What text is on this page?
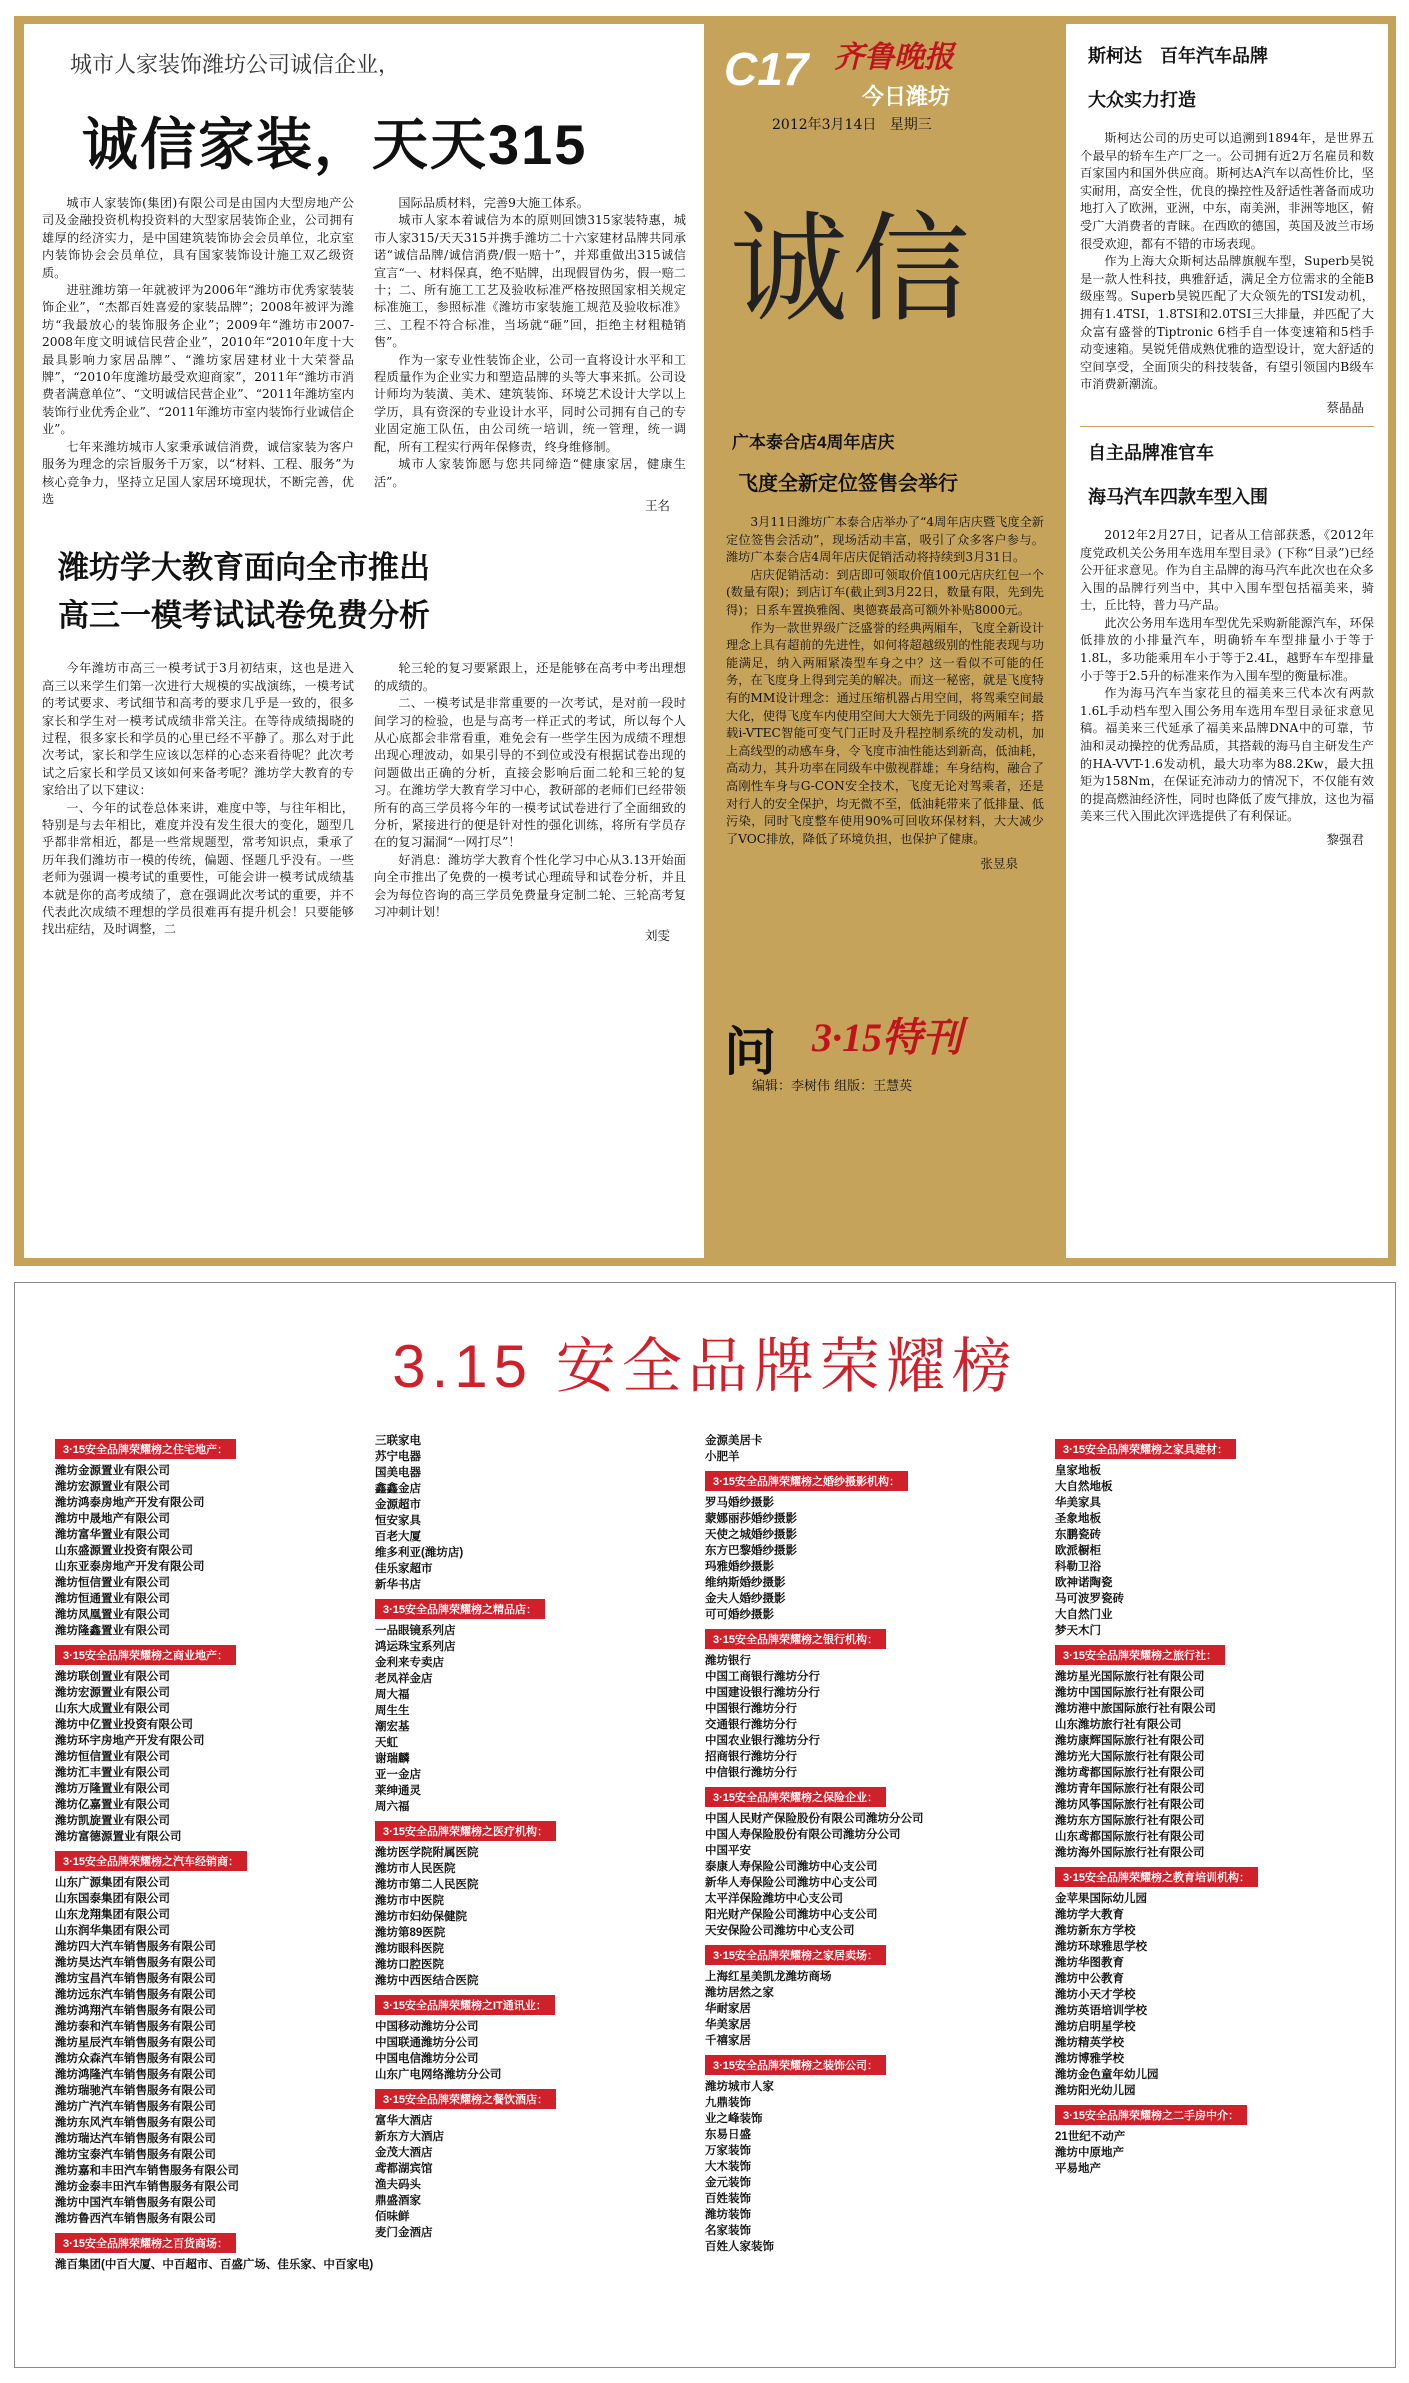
城市人家装饰潍坊公司诚信企业，
诚信家装，天天315

城市人家装饰(集团)有限公司是由国内大型房地产公司及金融投资机构投资料的大型家居装饰企业，公司拥有雄厚的经济实力，是中国建筑装饰协会会员单位，北京室内装饰协会会员单位，具有国家装饰设计施工双乙级资质。

进驻潍坊第一年就被评为2006年“潍坊市优秀家装装饰企业”，“杰都百姓喜爱的家装品牌”；2008年被评为潍坊“我最放心的装饰服务企业”；2009年“潍坊市2007-2008年度文明诚信民营企业”，2010年“2010年度十大最具影响力家居品牌”、“潍坊家居建材业十大荣誉品牌”，“2010年度潍坊最受欢迎商家”，2011年“潍坊市消费者满意单位”、“文明诚信民营企业”、“2011年潍坊室内装饰行业优秀企业”、“2011年潍坊市室内装饰行业诚信企业”。

七年来潍坊城市人家秉承诚信消费，诚信家装为客户服务为理念的宗旨服务千万家，以“材料、工程、服务”为核心竞争力，坚持立足国人家居环境现状，不断完善，优选

国际品质材料，完善9大施工体系。

城市人家本着诚信为本的原则回馈315家装特惠，城市人家315/天天315并携手潍坊二十六家建材品牌共同承诺“诚信品牌/诚信消费/假一赔十”，并郑重做出315诚信宣言“一、材料保真，绝不贴牌，出现假冒伪劣，假一赔二十；二、所有施工工艺及验收标准严格按照国家相关规定标准施工，参照标准《潍坊市家装施工规范及验收标准》三、工程不符合标准，当场就“砸”回，拒绝主材粗糙销售”。

作为一家专业性装饰企业，公司一直将设计水平和工程质量作为企业实力和塑造品牌的头等大事来抓。公司设计师均为装潢、美术、建筑装饰、环境艺术设计大学以上学历，具有资深的专业设计水平，同时公司拥有自己的专业固定施工队伍，由公司统一培训，统一管理，统一调配，所有工程实行两年保修责，终身维修制。

城市人家装饰愿与您共同缔造“健康家居，健康生活”。

王名
潍坊学大教育面向全市推出
高三一模考试试卷免费分析

今年潍坊市高三一模考试于3月初结束，这也是进入高三以来学生们第一次进行大规模的实战演练，一模考试的考试要求、考试细节和高考的要求几乎是一致的，很多家长和学生对一模考试成绩非常关注。在等待成绩揭晓的过程，很多家长和学员的心里已经不平静了。那么对于此次考试，家长和学生应该以怎样的心态来看待呢？此次考试之后家长和学员又该如何来备考呢？潍坊学大教育的专家给出了以下建议：

一、今年的试卷总体来讲，难度中等，与往年相比，特别是与去年相比，难度并没有发生很大的变化，题型几乎都非常相近，都是一些常规题型，常考知识点，秉承了历年我们潍坊市一模的传统，偏题、怪题几乎没有。一些老师为强调一模考试的重要性，可能会讲一模考试成绩基本就是你的高考成绩了，意在强调此次考试的重要，并不代表此次成绩不理想的学员很难再有提升机会！只要能够找出症结，及时调整，二

轮三轮的复习要紧跟上，还是能够在高考中考出理想的成绩的。

二、一模考试是非常重要的一次考试，是对前一段时间学习的检验，也是与高考一样正式的考试，所以每个人从心底都会非常看重，难免会有一些学生因为成绩不理想出现心理波动，如果引导的不到位或没有根据试卷出现的问题做出正确的分析，直接会影响后面二轮和三轮的复习。在潍坊学大教育学习中心，教研部的老师们已经带领所有的高三学员将今年的一模考试试卷进行了全面细致的分析，紧接进行的便是针对性的强化训练，将所有学员存在的复习漏洞“一网打尽”！

好消息：潍坊学大教育个性化学习中心从3.13开始面向全市推出了免费的一模考试心理疏导和试卷分析，并且会为每位咨询的高三学员免费量身定制二轮、三轮高考复习冲刺计划！

刘雯
C17 齐鲁晚报
今日潍坊
2012年3月14日 星期三
诚信
广本泰合店4周年店庆
飞度全新定位签售会举行

3月11日潍坊广本泰合店举办了“4周年店庆暨飞度全新定位签售会活动”，现场活动丰富，吸引了众多客户参与。潍坊广本泰合店4周年店庆促销活动将持续到3月31日。

店庆促销活动：到店即可领取价值100元店庆红包一个(数量有限)；到店订车(截止到3月22日，数量有限，先到先得)；日系车置换雅阁、奥德赛最高可额外补贴8000元。

作为一款世界级广泛盛誉的经典两厢车，飞度全新设计理念上具有超前的先进性，如何将超越级别的性能表现与功能满足，纳入两厢紧凑型车身之中？这一看似不可能的任务，在飞度身上得到完美的解决。而这一秘密，就是飞度特有的MM设计理念：通过压缩机器占用空间，将驾乘空间最大化，使得飞度车内使用空间大大领先于同级的两厢车；搭载i-VTEC智能可变气门正时及升程控制系统的发动机，加上高线型的动感车身，令飞度市油性能达到新高，低油耗，高动力，其升功率在同级车中傲视群雄；车身结构，融合了高刚性车身与G-CON安全技术，飞度无论对驾乘者，还是对行人的安全保护，均无微不至，低油耗带来了低排量、低污染，同时飞度整车使用90%可回收环保材料，大大减少了VOC排放，降低了环境负担，也保护了健康。

张昱泉
问 3·15特刊
编辑：李树伟 组版：王慧英
斯柯达　百年汽车品牌
大众实力打造

斯柯达公司的历史可以追溯到1894年，是世界五个最早的轿车生产厂之一。公司拥有近2万名雇员和数百家国内和国外供应商。斯柯达A汽车以高性价比，坚实耐用，高安全性，优良的操控性及舒适性著备而成功地打入了欧洲，亚洲，中东，南美洲，非洲等地区，俯受广大消费者的青睐。在西欧的德国，英国及波兰市场很受欢迎，都有不错的市场表现。

作为上海大众斯柯达品牌旗舰车型，Superb昊锐是一款人性科技，典雅舒适，满足全方位需求的全能B级座驾。Superb昊锐匹配了大众领先的TSI发动机，拥有1.4TSI，1.8TSI和2.0TSI三大排量，并匹配了大众富有盛誉的Tiptronic 6档手自一体变速箱和5档手动变速箱。昊锐凭借成熟优雅的造型设计，宽大舒适的空间享受，全面顶尖的科技装备，有望引领国内B级车市消费新潮流。

蔡晶晶
自主品牌准官车
海马汽车四款车型入围

2012年2月27日，记者从工信部获悉，《2012年度党政机关公务用车选用车型目录》(下称“目录”)已经公开征求意见。作为自主品牌的海马汽车此次也在众多入围的品牌行列当中，其中入围车型包括福美来，骑士，丘比特，普力马产品。

此次公务用车选用车型优先采购新能源汽车，环保低排放的小排量汽车，明确轿车车型排量小于等于1.8L，多功能乘用车小于等于2.4L，越野车车型排量小于等于2.5升的标准来作为入围车型的衡量标准。

作为海马汽车当家花旦的福美来三代本次有两款1.6L手动档车型入围公务用车选用车型目录征求意见稿。福美来三代延承了福美来品牌DNA中的可靠，节油和灵动操控的优秀品质，其搭载的海马自主研发生产的HA-VVT-1.6发动机，最大功率为88.2Kw，最大扭矩为158Nm，在保证充沛动力的情况下，不仅能有效的提高燃油经济性，同时也降低了废气排放，这也为福美来三代入围此次评选提供了有利保证。

黎强君
3.15 安全品牌荣耀榜
3·15安全品牌荣耀榜之住宅地产：
潍坊金源置业有限公司
潍坊宏源置业有限公司
潍坊鸿泰房地产开发有限公司
潍坊中晟地产有限公司
潍坊富华置业有限公司
山东盛源置业投资有限公司
山东亚泰房地产开发有限公司
潍坊恒信置业有限公司
潍坊恒通置业有限公司
潍坊凤凰置业有限公司
潍坊隆鑫置业有限公司
3·15安全品牌荣耀榜之商业地产：
潍坊联创置业有限公司
潍坊宏源置业有限公司
山东大成置业有限公司
潍坊中亿置业投资有限公司
潍坊环宇房地产开发有限公司
潍坊恒信置业有限公司
潍坊汇丰置业有限公司
潍坊万隆置业有限公司
潍坊亿嘉置业有限公司
潍坊凯旋置业有限公司
潍坊富德源置业有限公司
3·15安全品牌荣耀榜之汽车经销商：
山东广源集团有限公司
山东国泰集团有限公司
山东龙翔集团有限公司
山东润华集团有限公司
潍坊四大汽车销售服务有限公司
潍坊昊达汽车销售服务有限公司
潍坊宝昌汽车销售服务有限公司
潍坊远东汽车销售服务有限公司
潍坊鸿翔汽车销售服务有限公司
潍坊泰和汽车销售服务有限公司
潍坊星辰汽车销售服务有限公司
潍坊众森汽车销售服务有限公司
潍坊鸿隆汽车销售服务有限公司
潍坊瑞驰汽车销售服务有限公司
潍坊广汽汽车销售服务有限公司
潍坊东风汽车销售服务有限公司
潍坊瑞达汽车销售服务有限公司
潍坊宝泰汽车销售服务有限公司
潍坊嘉和丰田汽车销售服务有限公司
潍坊金泰丰田汽车销售服务有限公司
潍坊中国汽车销售服务有限公司
潍坊鲁西汽车销售服务有限公司
3·15安全品牌荣耀榜之百货商场：
潍百集团(中百大厦、中百超市、百盛广场、佳乐家、中百家电)
三联家电
苏宁电器
国美电器
鑫鑫金店
金源超市
恒安家具
百老大厦
维多利亚(潍坊店)
佳乐家超市
新华书店
3·15安全品牌荣耀榜之精品店：
一品眼镜系列店
鸿运珠宝系列店
金利来专卖店
老凤祥金店
周大福
周生生
潮宏基
天虹
谢瑞麟
亚一金店
莱绅通灵
周六福
3·15安全品牌荣耀榜之医疗机构：
潍坊医学院附属医院
潍坊市人民医院
潍坊市第二人民医院
潍坊市中医院
潍坊市妇幼保健院
潍坊第89医院
潍坊眼科医院
潍坊口腔医院
潍坊中西医结合医院
3·15安全品牌荣耀榜之IT通讯业：
中国移动潍坊分公司
中国联通潍坊分公司
中国电信潍坊分公司
山东广电网络潍坊分公司
3·15安全品牌荣耀榜之餐饮酒店：
富华大酒店
新东方大酒店
金茂大酒店
鸢都湖宾馆
渔夫码头
鼎盛酒家
佰味鲜
麦门金酒店
金源美居卡
小肥羊
3·15安全品牌荣耀榜之婚纱摄影机构：
罗马婚纱摄影
蒙娜丽莎婚纱摄影
天使之城婚纱摄影
东方巴黎婚纱摄影
玛雅婚纱摄影
维纳斯婚纱摄影
金夫人婚纱摄影
可可婚纱摄影
3·15安全品牌荣耀榜之银行机构：
潍坊银行
中国工商银行潍坊分行
中国建设银行潍坊分行
中国银行潍坊分行
交通银行潍坊分行
中国农业银行潍坊分行
招商银行潍坊分行
中信银行潍坊分行
3·15安全品牌荣耀榜之保险企业：
中国人民财产保险股份有限公司潍坊分公司
中国人寿保险股份有限公司潍坊分公司
中国平安
泰康人寿保险公司潍坊中心支公司
新华人寿保险公司潍坊中心支公司
太平洋保险潍坊中心支公司
阳光财产保险公司潍坊中心支公司
天安保险公司潍坊中心支公司
3·15安全品牌荣耀榜之家居卖场：
上海红星美凯龙潍坊商场
潍坊居然之家
华耐家居
华美家居
千禧家居
3·15安全品牌荣耀榜之装饰公司：
潍坊城市人家
九鼎装饰
业之峰装饰
东易日盛
万家装饰
大木装饰
金元装饰
百姓装饰
潍坊装饰
名家装饰
百姓人家装饰
3·15安全品牌荣耀榜之家具建材：
皇家地板
大自然地板
华美家具
圣象地板
东鹏瓷砖
欧派橱柜
科勒卫浴
欧神诺陶瓷
马可波罗瓷砖
大自然门业
梦天木门
3·15安全品牌荣耀榜之旅行社：
潍坊星光国际旅行社有限公司
潍坊中国国际旅行社有限公司
潍坊港中旅国际旅行社有限公司
山东潍坊旅行社有限公司
潍坊康辉国际旅行社有限公司
潍坊光大国际旅行社有限公司
潍坊鸢都国际旅行社有限公司
潍坊青年国际旅行社有限公司
潍坊风筝国际旅行社有限公司
潍坊东方国际旅行社有限公司
山东鸢都国际旅行社有限公司
潍坊海外国际旅行社有限公司
3·15安全品牌荣耀榜之教育培训机构：
金苹果国际幼儿园
潍坊学大教育
潍坊新东方学校
潍坊环球雅思学校
潍坊华图教育
潍坊中公教育
潍坊小天才学校
潍坊英语培训学校
潍坊启明星学校
潍坊精英学校
潍坊博雅学校
潍坊金色童年幼儿园
潍坊阳光幼儿园
3·15安全品牌荣耀榜之二手房中介：
21世纪不动产
潍坊中原地产
平易地产
